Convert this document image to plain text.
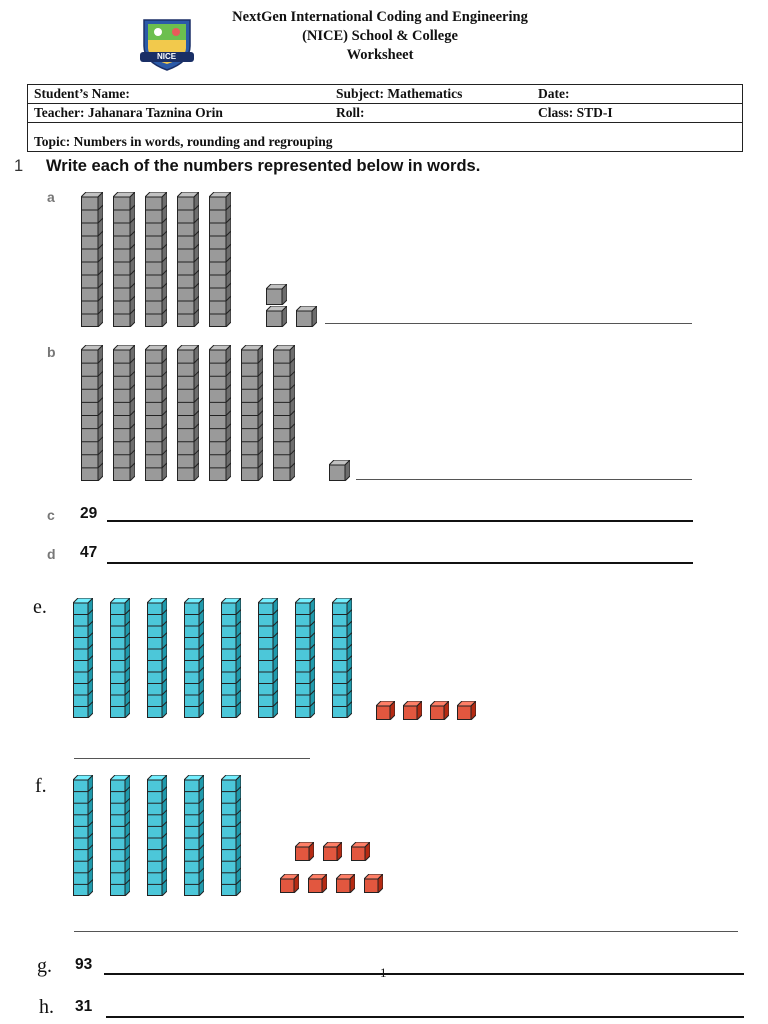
NICE
NextGen International Coding and Engineering
(NICE) School & College
Worksheet
Student’s Name:	Subject: Mathematics	Date:
Teacher: Jahanara Taznina Orin	Roll:	Class: STD-I

Topic: Numbers in words, rounding and regrouping		
1 Write each of the numbers represented below in words.
a
b
c
d
e.
f.
g.
h.
29
47
93
31
1
